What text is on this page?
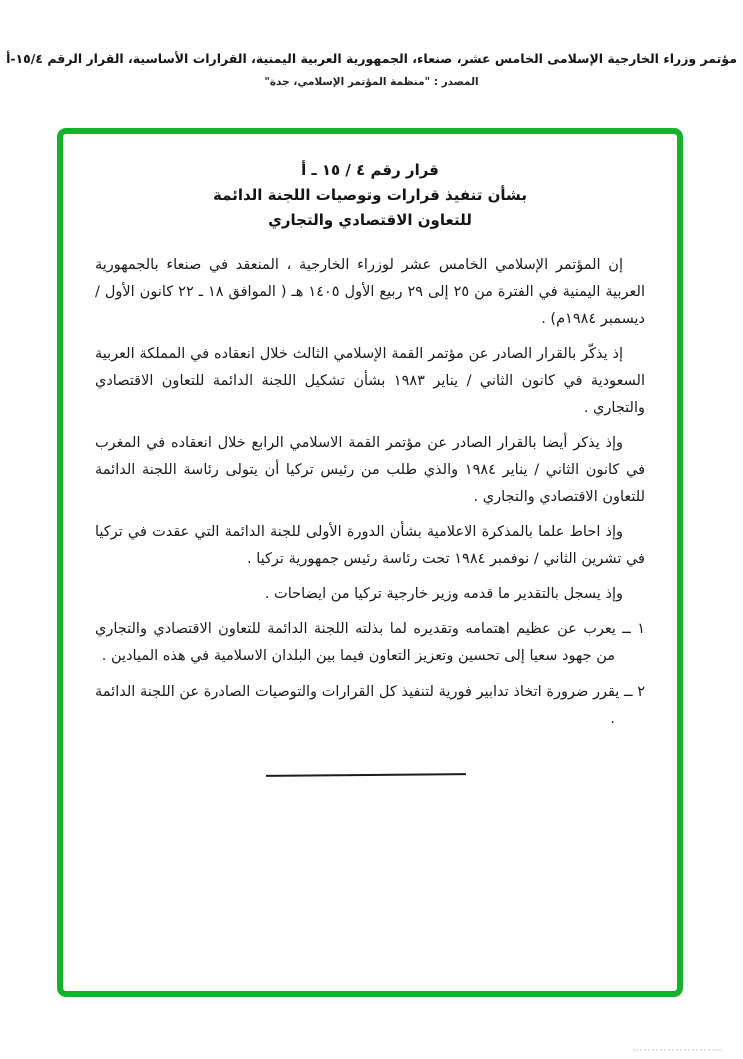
مؤتمر وزراء الخارجية الإسلامى الخامس عشر، صنعاء، الجمهورية العربية اليمنية، القرارات الأساسية، القرار الرقم ١٥/٤-أ
المصدر : "منظمة المؤتمر الإسلامي، جدة"
قرار رقم ٤ / ١٥ ـ أ
بشأن تنفيذ قرارات وتوصيات اللجنة الدائمة
للتعاون الاقتصادي والتجاري

إن المؤتمر الإسلامي الخامس عشر لوزراء الخارجية ، المنعقد في صنعاء بالجمهورية العربية اليمنية في الفترة من ٢٥ إلى ٢٩ ربيع الأول ١٤٠٥ هـ ( الموافق ١٨ ـ ٢٢ كانون الأول / ديسمبر ١٩٨٤م) .

إذ يذكّر بالقرار الصادر عن مؤتمر القمة الإسلامي الثالث خلال انعقاده في المملكة العربية السعودية في كانون الثاني / يناير ١٩٨٣ بشأن تشكيل اللجنة الدائمة للتعاون الاقتصادي والتجاري .

وإذ يذكر أيضا بالقرار الصادر عن مؤتمر القمة الاسلامي الرابع خلال انعقاده في المغرب في كانون الثاني / يناير ١٩٨٤ والذي طلب من رئيس تركيا أن يتولى رئاسة اللجنة الدائمة للتعاون الاقتصادي والتجاري .

وإذ احاط علما بالمذكرة الاعلامية بشأن الدورة الأولى للجنة الدائمة التي عقدت في تركيا في تشرين الثاني / نوفمبر ١٩٨٤ تحت رئاسة رئيس جمهورية تركيا .

وإذ يسجل بالتقدير ما قدمه وزير خارجية تركيا من ايضاحات .

١ ــ يعرب عن عظيم اهتمامه وتقديره لما بذلته اللجنة الدائمة للتعاون الاقتصادي والتجاري من جهود سعيا إلى تحسين وتعزيز التعاون فيما بين البلدان الاسلامية في هذه الميادين .
٢ ــ يقرر ضرورة اتخاذ تدابير فورية لتنفيذ كل القرارات والتوصيات الصادرة عن اللجنة الدائمة .
